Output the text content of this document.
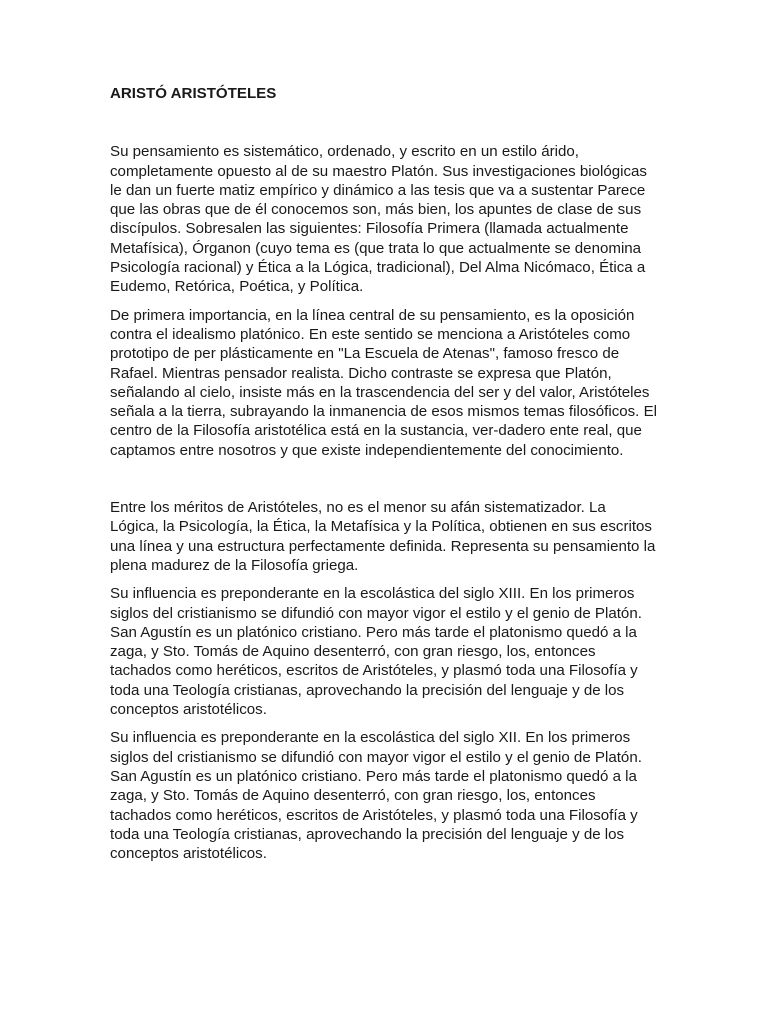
ARISTÓ ARISTÓTELES

Su pensamiento es sistemático, ordenado, y escrito en un estilo árido, completamente opuesto al de su maestro Platón. Sus investigaciones biológicas le dan un fuerte matiz empírico y dinámico a las tesis que va a sustentar Parece que las obras que de él conocemos son, más bien, los apuntes de clase de sus discípulos. Sobresalen las siguientes: Filosofía Primera (llamada actualmente Metafísica), Órganon (cuyo tema es (que trata lo que actualmente se denomina Psicología racional) y Ética a la Lógica, tradicional), Del Alma Nicómaco, Ética a Eudemo, Retórica, Poética, y Política.

De primera importancia, en la línea central de su pensamiento, es la oposición contra el idealismo platónico. En este sentido se menciona a Aristóteles como prototipo de per plásticamente en "La Escuela de Atenas", famoso fresco de Rafael. Mientras pensador realista. Dicho contraste se expresa que Platón, señalando al cielo, insiste más en la trascendencia del ser y del valor, Aristóteles señala a la tierra, subrayando la inmanencia de esos mismos temas filosóficos. El centro de la Filosofía aristotélica está en la sustancia, ver-dadero ente real, que captamos entre nosotros y que existe independientemente del conocimiento.

Entre los méritos de Aristóteles, no es el menor su afán sistematizador. La Lógica, la Psicología, la Ética, la Metafísica y la Política, obtienen en sus escritos una línea y una estructura perfectamente definida. Representa su pensamiento la plena madurez de la Filosofía griega.

Su influencia es preponderante en la escolástica del siglo XIII. En los primeros siglos del cristianismo se difundió con mayor vigor el estilo y el genio de Platón. San Agustín es un platónico cristiano. Pero más tarde el platonismo quedó a la zaga, y Sto. Tomás de Aquino desenterró, con gran riesgo, los, entonces tachados como heréticos, escritos de Aristóteles, y plasmó toda una Filosofía y toda una Teología cristianas, aprovechando la precisión del lenguaje y de los conceptos aristotélicos.

Su influencia es preponderante en la escolástica del siglo XII. En los primeros siglos del cristianismo se difundió con mayor vigor el estilo y el genio de Platón. San Agustín es un platónico cristiano. Pero más tarde el platonismo quedó a la zaga, y Sto. Tomás de Aquino desenterró, con gran riesgo, los, entonces tachados como heréticos, escritos de Aristóteles, y plasmó toda una Filosofía y toda una Teología cristianas, aprovechando la precisión del lenguaje y de los conceptos aristotélicos.
